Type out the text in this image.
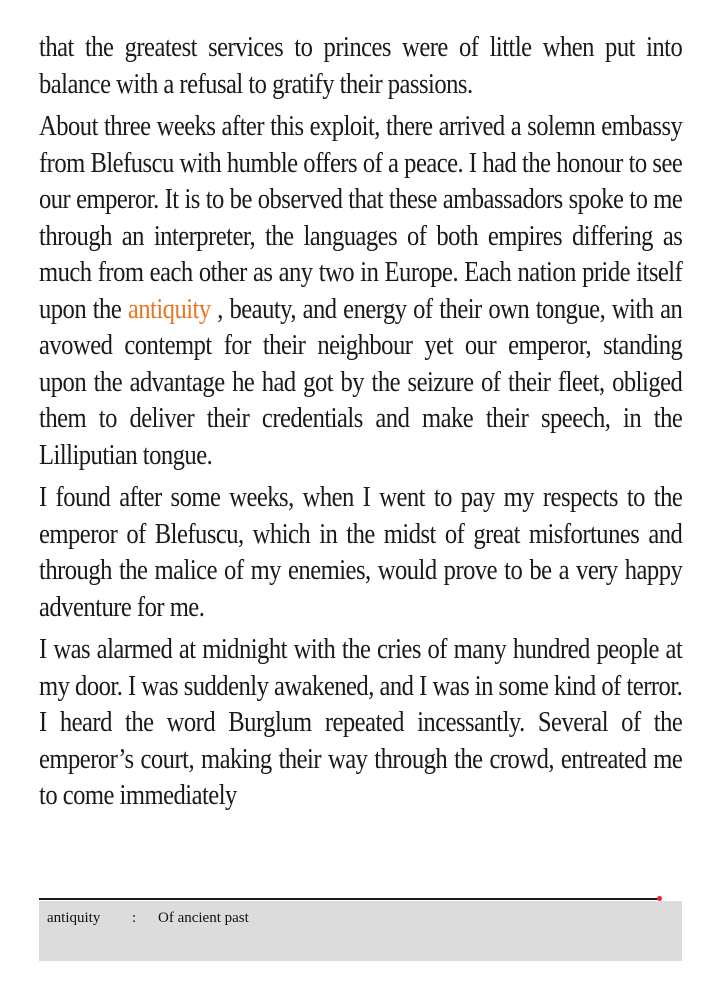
that the greatest services to princes were of little when put into balance with a refusal to gratify their passions.

About three weeks after this exploit, there arrived a solemn embassy from Blefuscu with humble offers of a peace. I had the honour to see our emperor. It is to be observed that these ambassadors spoke to me through an interpreter, the languages of both empires differing as much from each other as any two in Europe. Each nation pride itself upon the antiquity , beauty, and energy of their own tongue, with an avowed contempt for their neighbour yet our emperor, standing upon the advantage he had got by the seizure of their fleet, obliged them to deliver their credentials and make their speech, in the Lilliputian tongue.

I found after some weeks, when I went to pay my respects to the emperor of Blefuscu, which in the midst of great misfortunes and through the malice of my enemies, would prove to be a very happy adventure for me.

I was alarmed at midnight with the cries of many hundred people at my door. I was suddenly awakened, and I was in some kind of terror. I heard the word Burglum repeated incessantly. Several of the emperor’s court, making their way through the crowd, entreated me to come immediately

antiquity : Of ancient past
